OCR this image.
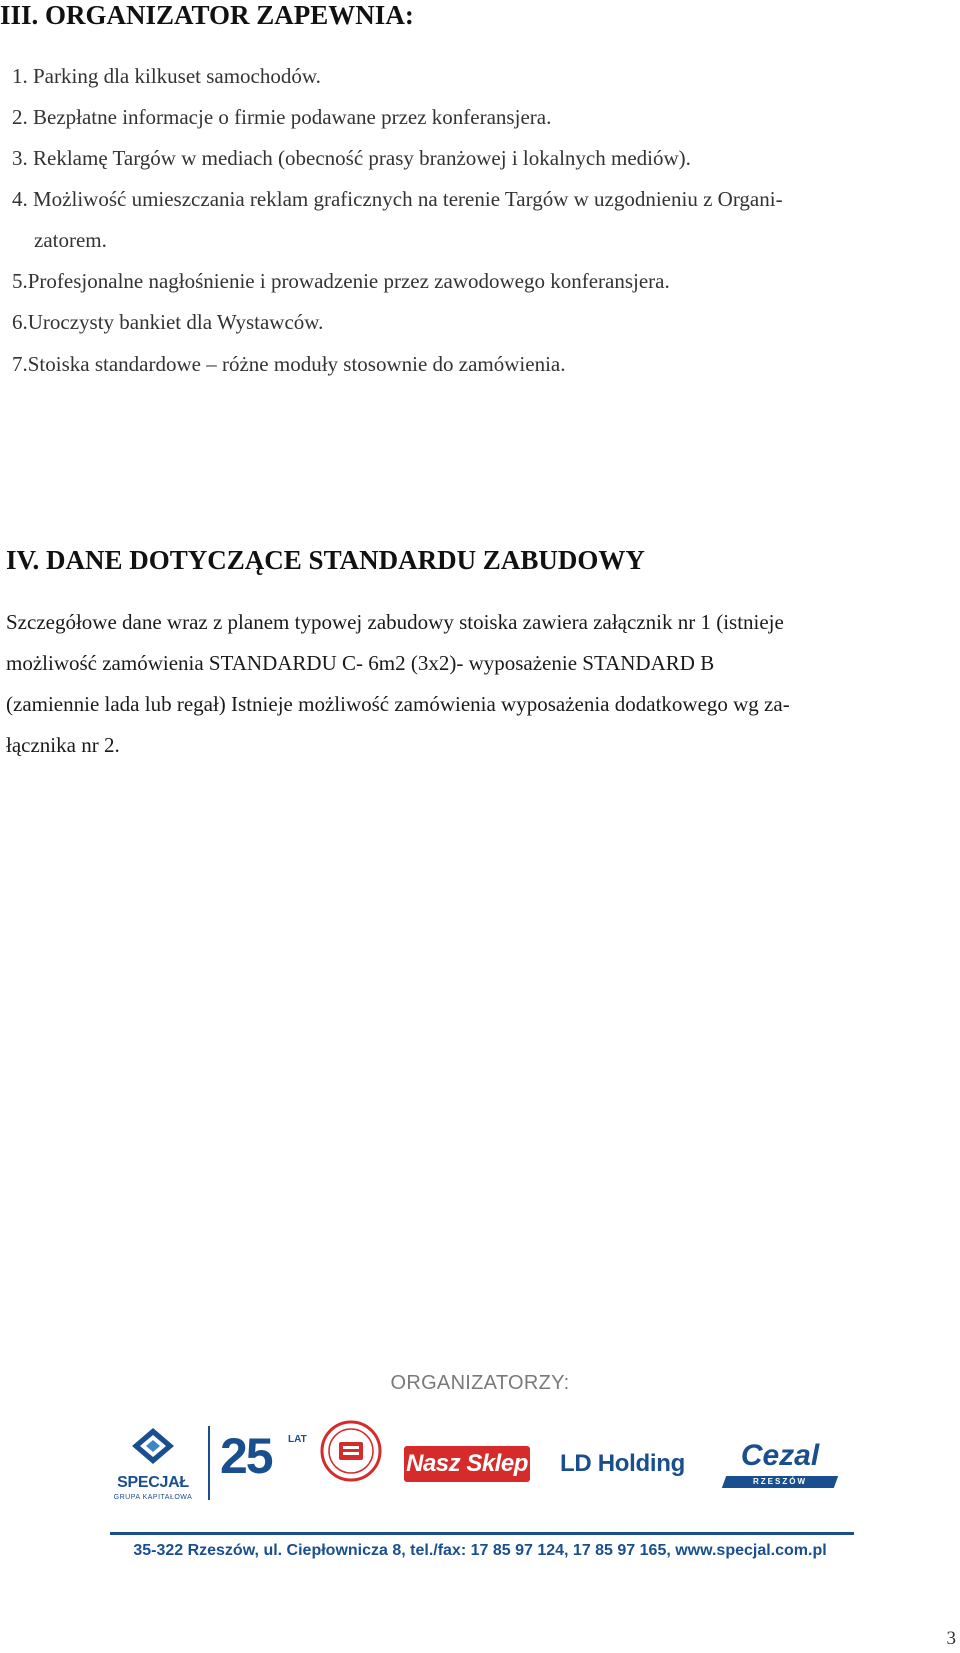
III. ORGANIZATOR ZAPEWNIA:
1. Parking dla kilkuset samochodów.
2. Bezpłatne informacje o firmie podawane przez konferansjera.
3. Reklamę Targów w mediach (obecność prasy branżowej i lokalnych mediów).
4. Możliwość umieszczania reklam graficznych na terenie Targów w uzgodnieniu z Organi-
zatorem.
5.Profesjonalne nagłośnienie i prowadzenie przez zawodowego konferansjera.
6.Uroczysty bankiet dla Wystawców.
7.Stoiska standardowe – różne moduły stosownie do zamówienia.
IV. DANE DOTYCZĄCE STANDARDU ZABUDOWY
Szczegółowe dane wraz z planem typowej zabudowy stoiska zawiera załącznik nr 1 (istnieje
możliwość zamówienia STANDARDU C- 6m2 (3x2)- wyposażenie STANDARD B
(zamiennie lada lub regał) Istnieje możliwość zamówienia wyposażenia dodatkowego wg za-
łącznika nr 2.
ORGANIZATORZY:
SPECJAŁ
GRUPA KAPITAŁOWA
25 LAT
Nasz Sklep LD Holding	Cezal
RZESZÓW
35-322 Rzeszów, ul. Ciepłownicza 8, tel./fax: 17 85 97 124, 17 85 97 165, www.specjal.com.pl
3
